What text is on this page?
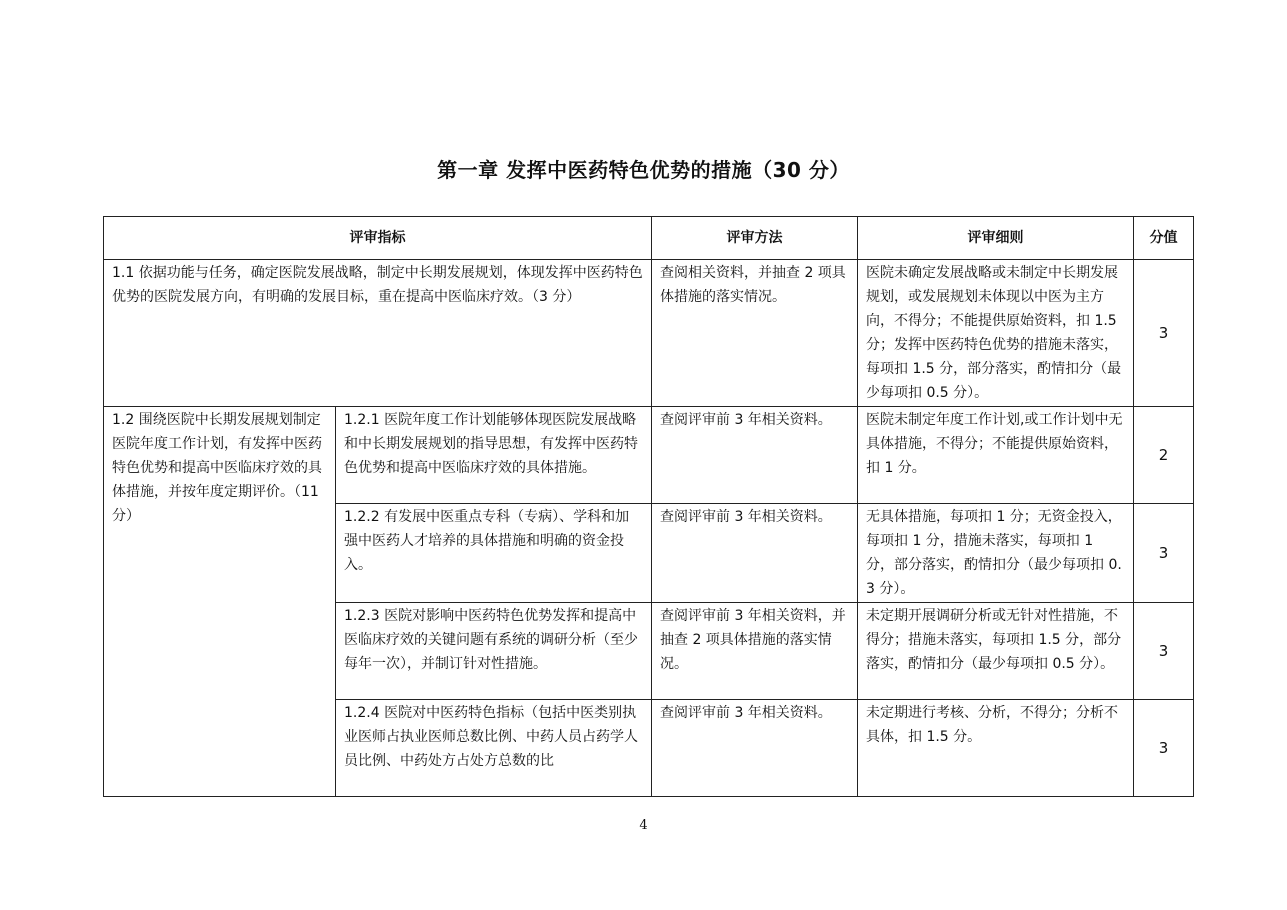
第一章 发挥中医药特色优势的措施（30 分）
评审指标		评审方法	评审细则	分值
1.1 依据功能与任务，确定医院发展战略，制定中长期发展规划，体现发挥中医药特色优势的医院发展方向，有明确的发展目标，重在提高中医临床疗效。（3 分）		查阅相关资料，并抽查 2 项具体措施的落实情况。	医院未确定发展战略或未制定中长期发展规划，或发展规划未体现以中医为主方向，不得分；不能提供原始资料，扣 1.5 分；发挥中医药特色优势的措施未落实，每项扣 1.5 分，部分落实，酌情扣分（最少每项扣 0.5 分）。	3
1.2 围绕医院中长期发展规划制定医院年度工作计划，有发挥中医药特色优势和提高中医临床疗效的具体措施，并按年度定期评价。（11 分）	1.2.1 医院年度工作计划能够体现医院发展战略和中长期发展规划的指导思想，有发挥中医药特色优势和提高中医临床疗效的具体措施。	查阅评审前 3 年相关资料。	医院未制定年度工作计划,或工作计划中无具体措施，不得分；不能提供原始资料，扣 1 分。	2
	1.2.2 有发展中医重点专科（专病）、学科和加强中医药人才培养的具体措施和明确的资金投入。	查阅评审前 3 年相关资料。	无具体措施，每项扣 1 分；无资金投入，每项扣 1 分，措施未落实，每项扣 1 分，部分落实，酌情扣分（最少每项扣 0.3 分）。	3
	1.2.3 医院对影响中医药特色优势发挥和提高中医临床疗效的关键问题有系统的调研分析（至少每年一次），并制订针对性措施。	查阅评审前 3 年相关资料，并抽查 2 项具体措施的落实情况。	未定期开展调研分析或无针对性措施，不得分；措施未落实，每项扣 1.5 分，部分落实，酌情扣分（最少每项扣 0.5 分）。	3
	1.2.4 医院对中医药特色指标（包括中医类别执业医师占执业医师总数比例、中药人员占药学人员比例、中药处方占处方总数的比	查阅评审前 3 年相关资料。	未定期进行考核、分析，不得分；分析不具体，扣 1.5 分。	3
4
